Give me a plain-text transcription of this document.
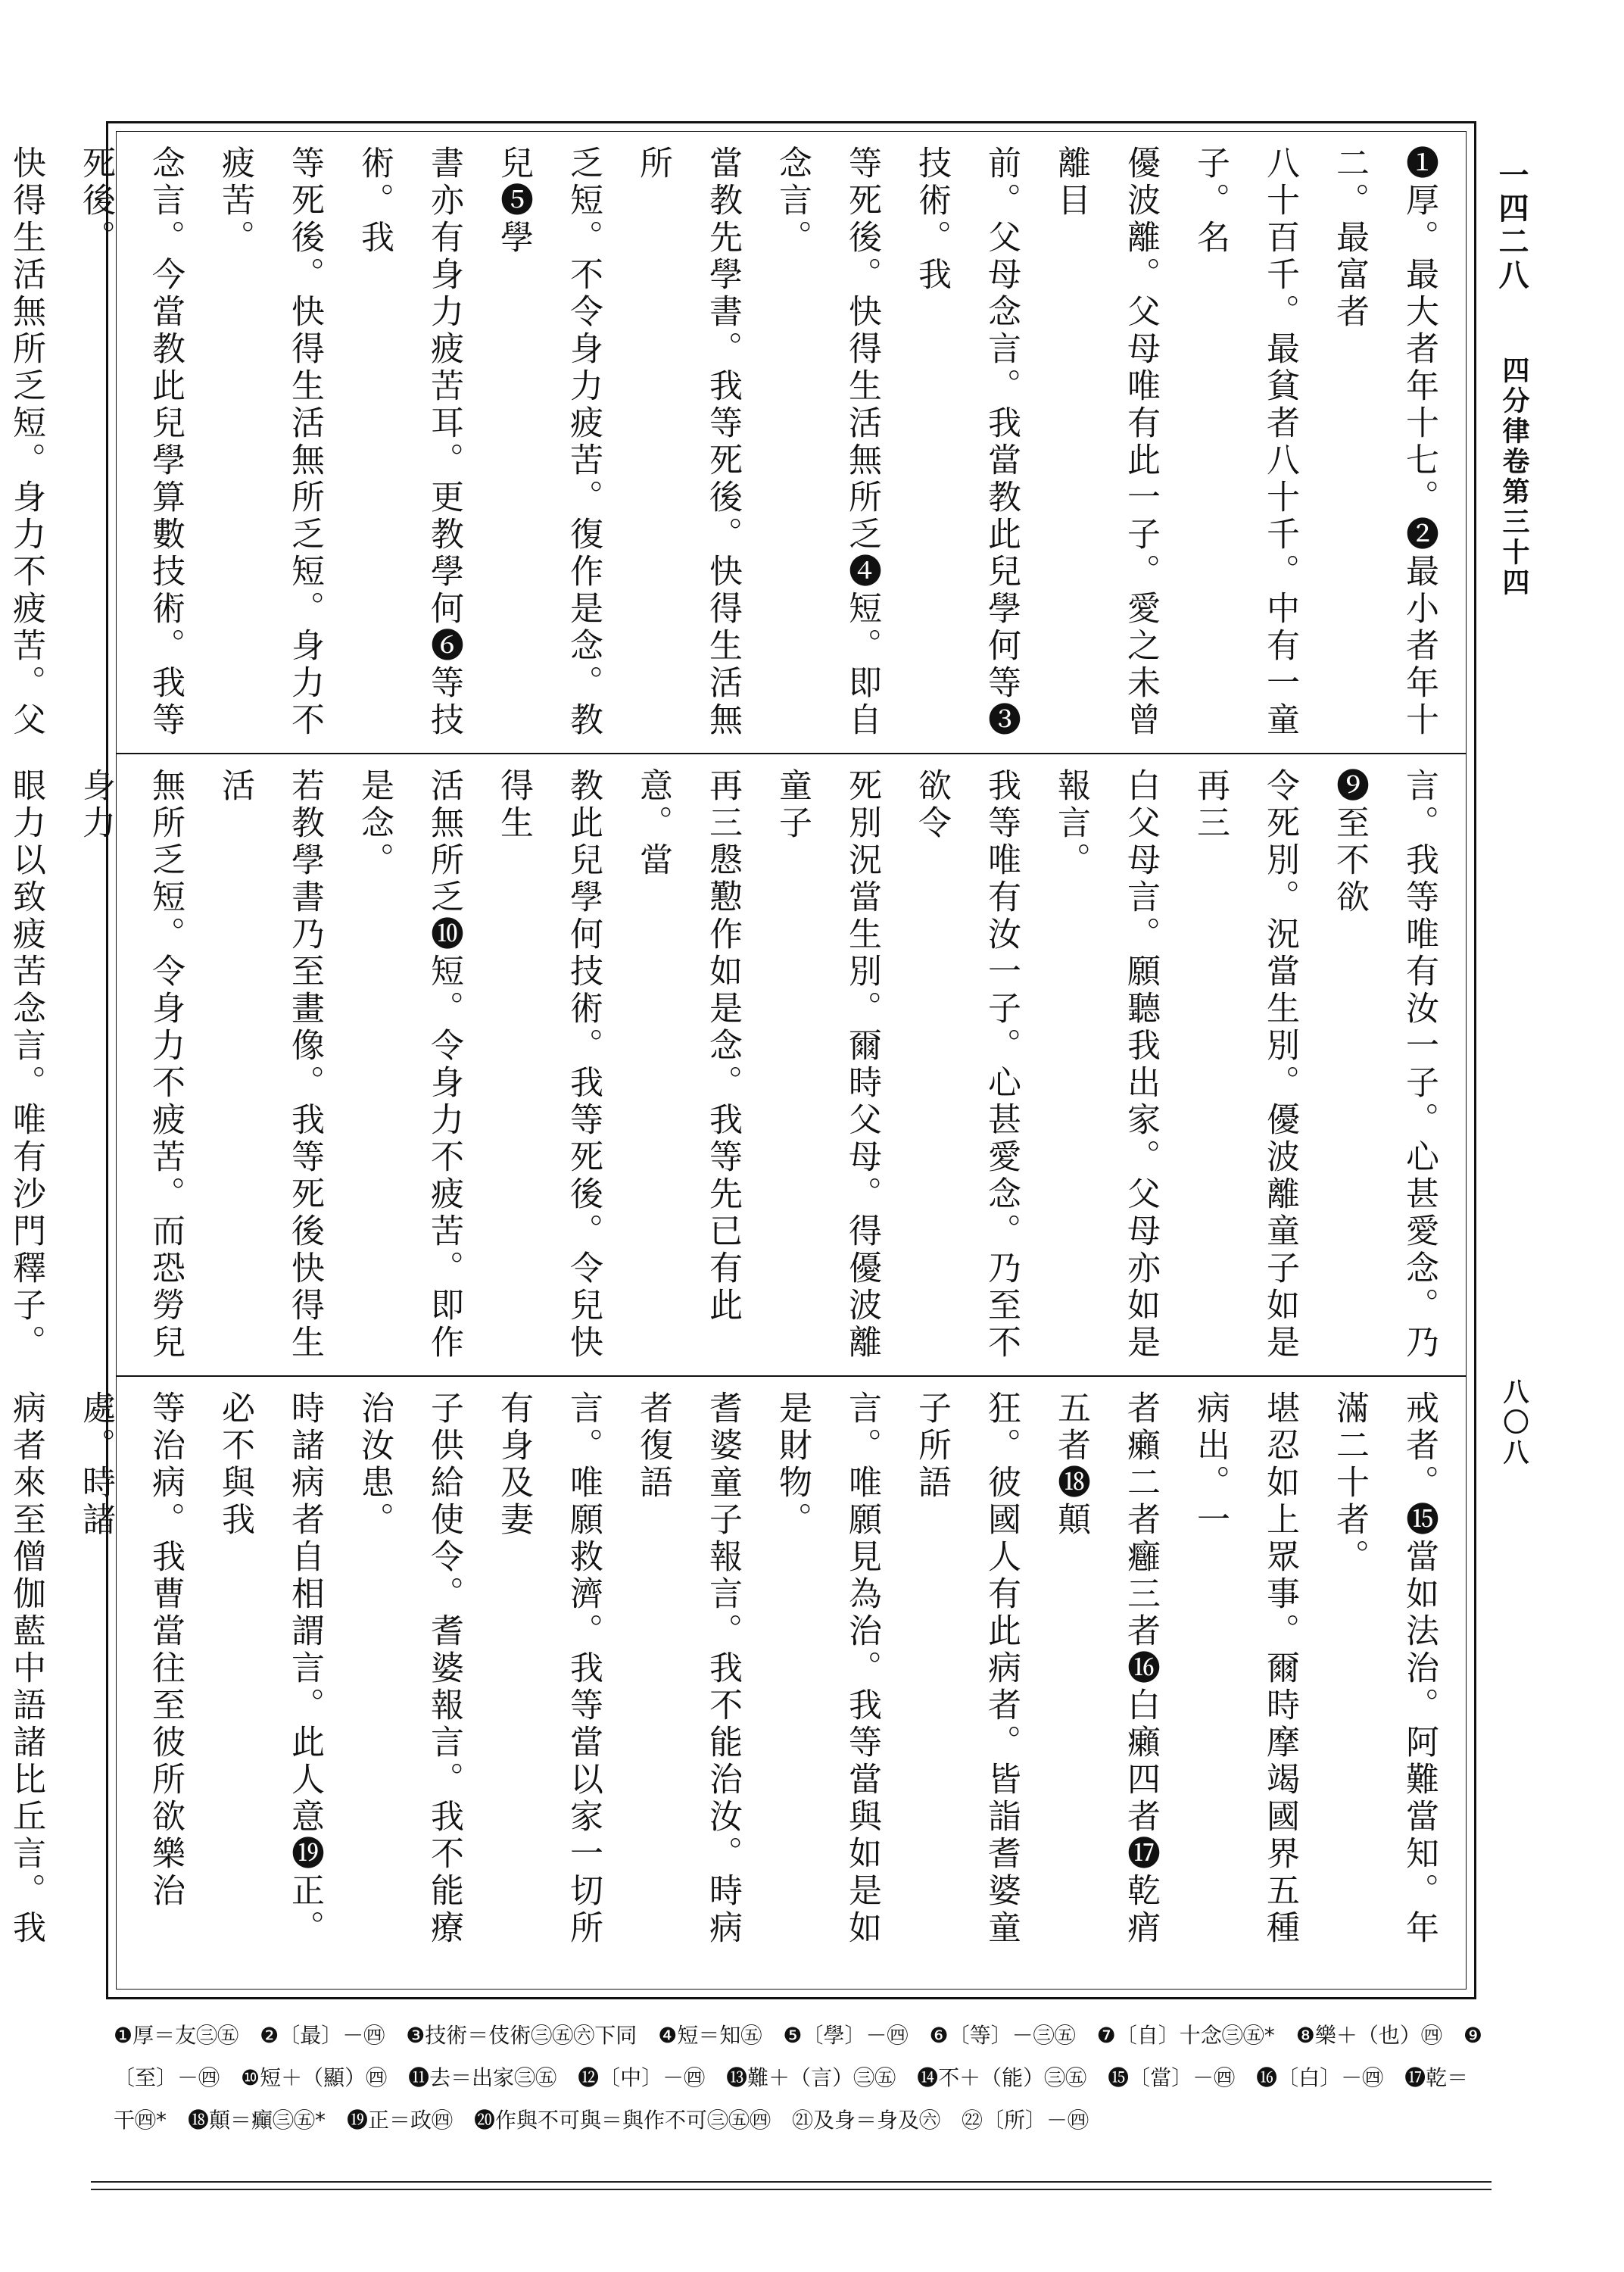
一四二八
四分律卷第三十四
八〇八
❶厚。最大者年十七。❷最小者年十二。最富者
八十百千。最貧者八十千。中有一童子。名
優波離。父母唯有此一子。愛之未曾離目
前。父母念言。我當教此兒學何等❸技術。我
等死後。快得生活無所乏❹短。即自念言。
當教先學書。我等死後。快得生活無所
乏短。不令身力疲苦。復作是念。教兒❺學
書亦有身力疲苦耳。更教學何❻等技術。我
等死後。快得生活無所乏短。身力不疲苦。
念言。今當教此兒學算數技術。我等死後。
快得生活無所乏短。身力不疲苦。父
言。我等唯有汝一子。心甚愛念。乃❾至不欲
令死別。況當生別。優波離童子如是再三
白父母言。願聽我出家。父母亦如是報言。
我等唯有汝一子。心甚愛念。乃至不欲令
死別況當生別。爾時父母。得優波離童子
再三慇懃作如是念。我等先已有此意。當
教此兒學何技術。我等死後。令兒快得生
活無所乏❿短。令身力不疲苦。即作是念。
若教學書乃至畫像。我等死後快得生活
無所乏短。令身力不疲苦。而恐勞兒身力
眼力以致疲苦念言。唯有沙門釋子。
戒者。⓯當如法治。阿難當知。年滿二十者。
堪忍如上眾事。爾時摩竭國界五種病出。一
者癩二者癰三者⓰白癩四者⓱乾痟五者⓲顛
狂。彼國人有此病者。皆詣耆婆童子所語
言。唯願見為治。我等當與如是如是財物。
耆婆童子報言。我不能治汝。時病者復語
言。唯願救濟。我等當以家一切所有身及妻
子供給使令。耆婆報言。我不能療治汝患。
時諸病者自相謂言。此人意⓳正。必不與我
等治病。我曹當往至彼所欲樂治處。時諸
病者來至僧伽藍中語諸比丘言。我
❶厚＝友㊂㊄　❷〔最〕－㊃　❸技術＝伎術㊂㊄㊅下同　❹短＝知㊄　❺〔學〕－㊃　❻〔等〕－㊂㊄　❼〔自〕十念㊂㊄*　❽樂＋（也）㊃　❾
〔至〕－㊃　❿短＋（顯）㊃　⓫去＝出家㊂㊄　⓬〔中〕－㊃　⓭難＋（言）㊂㊄　⓮不＋（能）㊂㊄　⓯〔當〕－㊃　⓰〔白〕－㊃　⓱乾＝
干㊃*　⓲顛＝癲㊂㊄*　⓳正＝政㊃　⓴作與不可與＝與作不可㊂㊄㊃　㉑及身＝身及㊅　㉒〔所〕－㊃
